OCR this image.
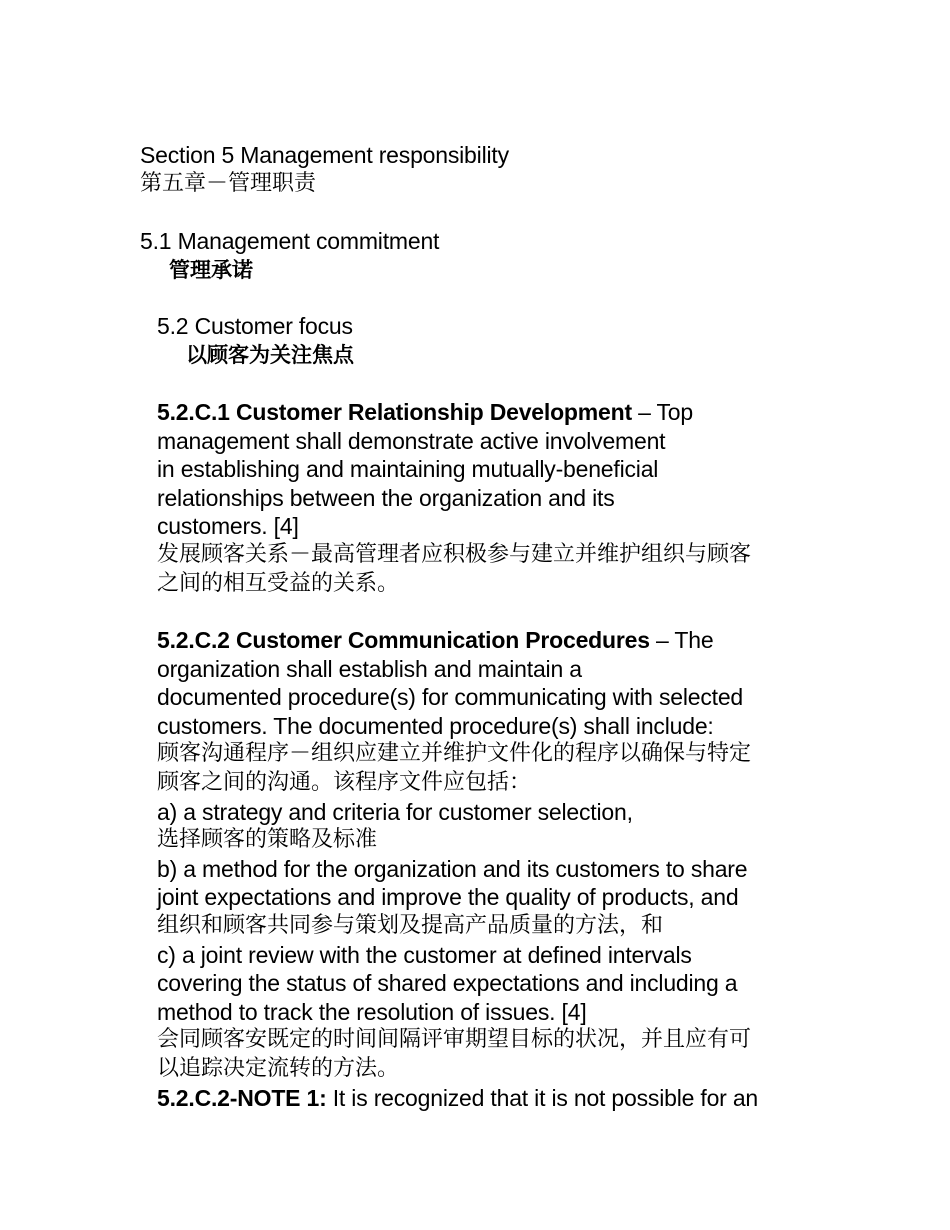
Section 5 Management responsibility

第五章－管理职责

5.1 Management commitment

管理承诺

5.2 Customer focus

以顾客为关注焦点

5.2.C.1 Customer Relationship Development – Top

management shall demonstrate active involvement

in establishing and maintaining mutually-beneficial

relationships between the organization and its

customers. [4]

发展顾客关系－最高管理者应积极参与建立并维护组织与顾客

之间的相互受益的关系。

5.2.C.2 Customer Communication Procedures – The

organization shall establish and maintain a

documented procedure(s) for communicating with selected

customers. The documented procedure(s) shall include:

顾客沟通程序－组织应建立并维护文件化的程序以确保与特定

顾客之间的沟通。该程序文件应包括：

a) a strategy and criteria for customer selection,

选择顾客的策略及标准

b) a method for the organization and its customers to share

joint expectations and improve the quality of products, and

组织和顾客共同参与策划及提高产品质量的方法，和

c) a joint review with the customer at defined intervals

covering the status of shared expectations and including a

method to track the resolution of issues. [4]

会同顾客安既定的时间间隔评审期望目标的状况，并且应有可

以追踪决定流转的方法。

5.2.C.2-NOTE 1: It is recognized that it is not possible for an
